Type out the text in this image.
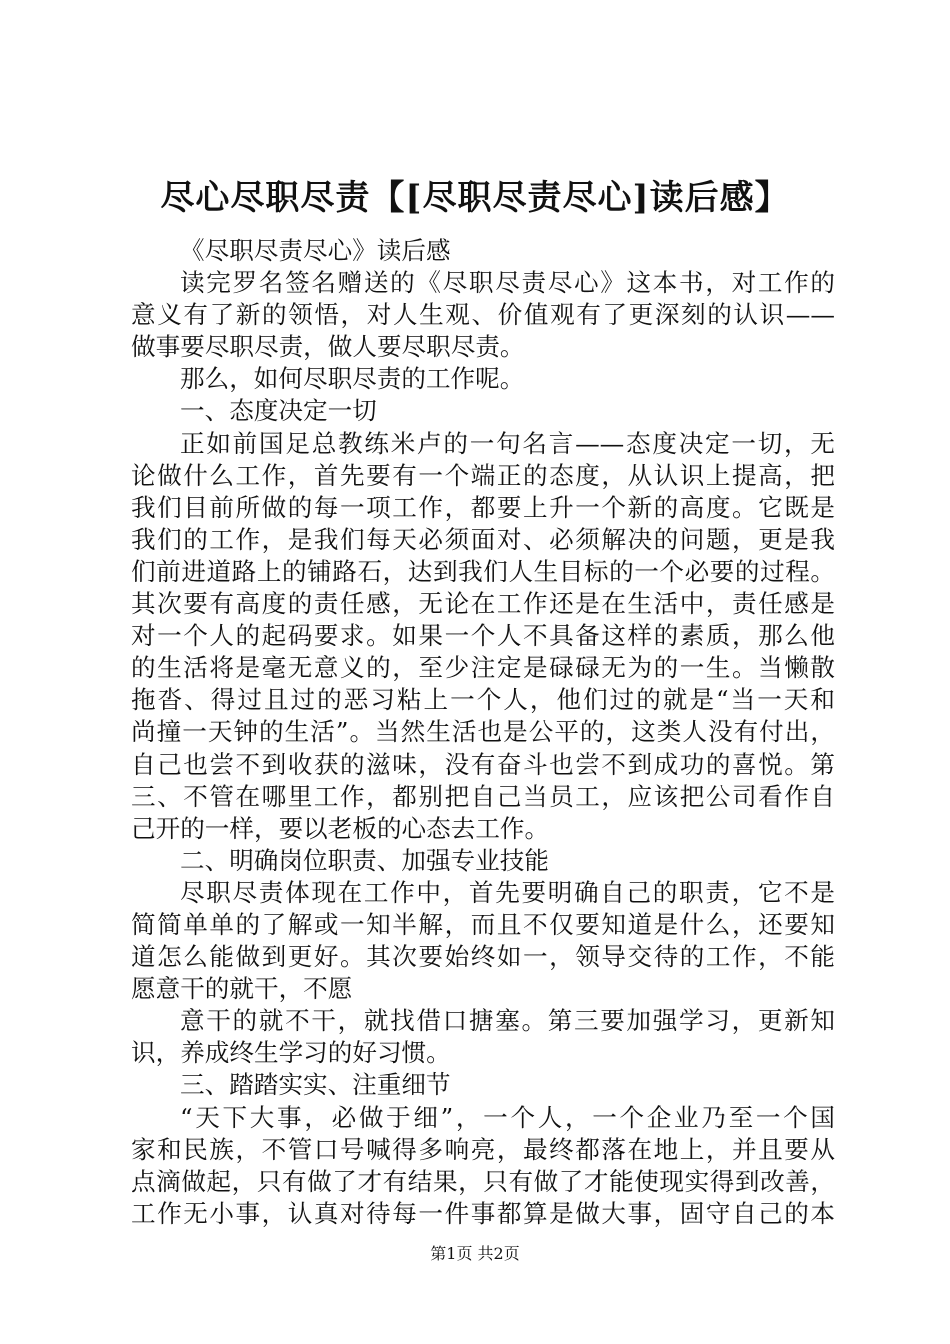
尽心尽职尽责【[尽职尽责尽心]读后感】
《尽职尽责尽心》读后感
读完罗名签名赠送的《尽职尽责尽心》这本书，对工作的
意义有了新的领悟，对人生观、价值观有了更深刻的认识——
做事要尽职尽责，做人要尽职尽责。
那么，如何尽职尽责的工作呢。
一、态度决定一切
正如前国足总教练米卢的一句名言——态度决定一切，无
论做什么工作，首先要有一个端正的态度，从认识上提高，把
我们目前所做的每一项工作，都要上升一个新的高度。它既是
我们的工作，是我们每天必须面对、必须解决的问题，更是我
们前进道路上的铺路石，达到我们人生目标的一个必要的过程。
其次要有高度的责任感，无论在工作还是在生活中，责任感是
对一个人的起码要求。如果一个人不具备这样的素质，那么他
的生活将是毫无意义的，至少注定是碌碌无为的一生。当懒散
拖沓、得过且过的恶习粘上一个人，他们过的就是“当一天和
尚撞一天钟的生活”。当然生活也是公平的，这类人没有付出，
自己也尝不到收获的滋味，没有奋斗也尝不到成功的喜悦。第
三、不管在哪里工作，都别把自己当员工，应该把公司看作自
己开的一样，要以老板的心态去工作。
二、明确岗位职责、加强专业技能
尽职尽责体现在工作中，首先要明确自己的职责，它不是
简简单单的了解或一知半解，而且不仅要知道是什么，还要知
道怎么能做到更好。其次要始终如一，领导交待的工作，不能
愿意干的就干，不愿
意干的就不干，就找借口搪塞。第三要加强学习，更新知
识，养成终生学习的好习惯。
三、踏踏实实、注重细节
“天下大事，必做于细”，一个人，一个企业乃至一个国
家和民族，不管口号喊得多响亮，最终都落在地上，并且要从
点滴做起，只有做了才有结果，只有做了才能使现实得到改善，
工作无小事，认真对待每一件事都算是做大事，固守自己的本
第1页 共2页
